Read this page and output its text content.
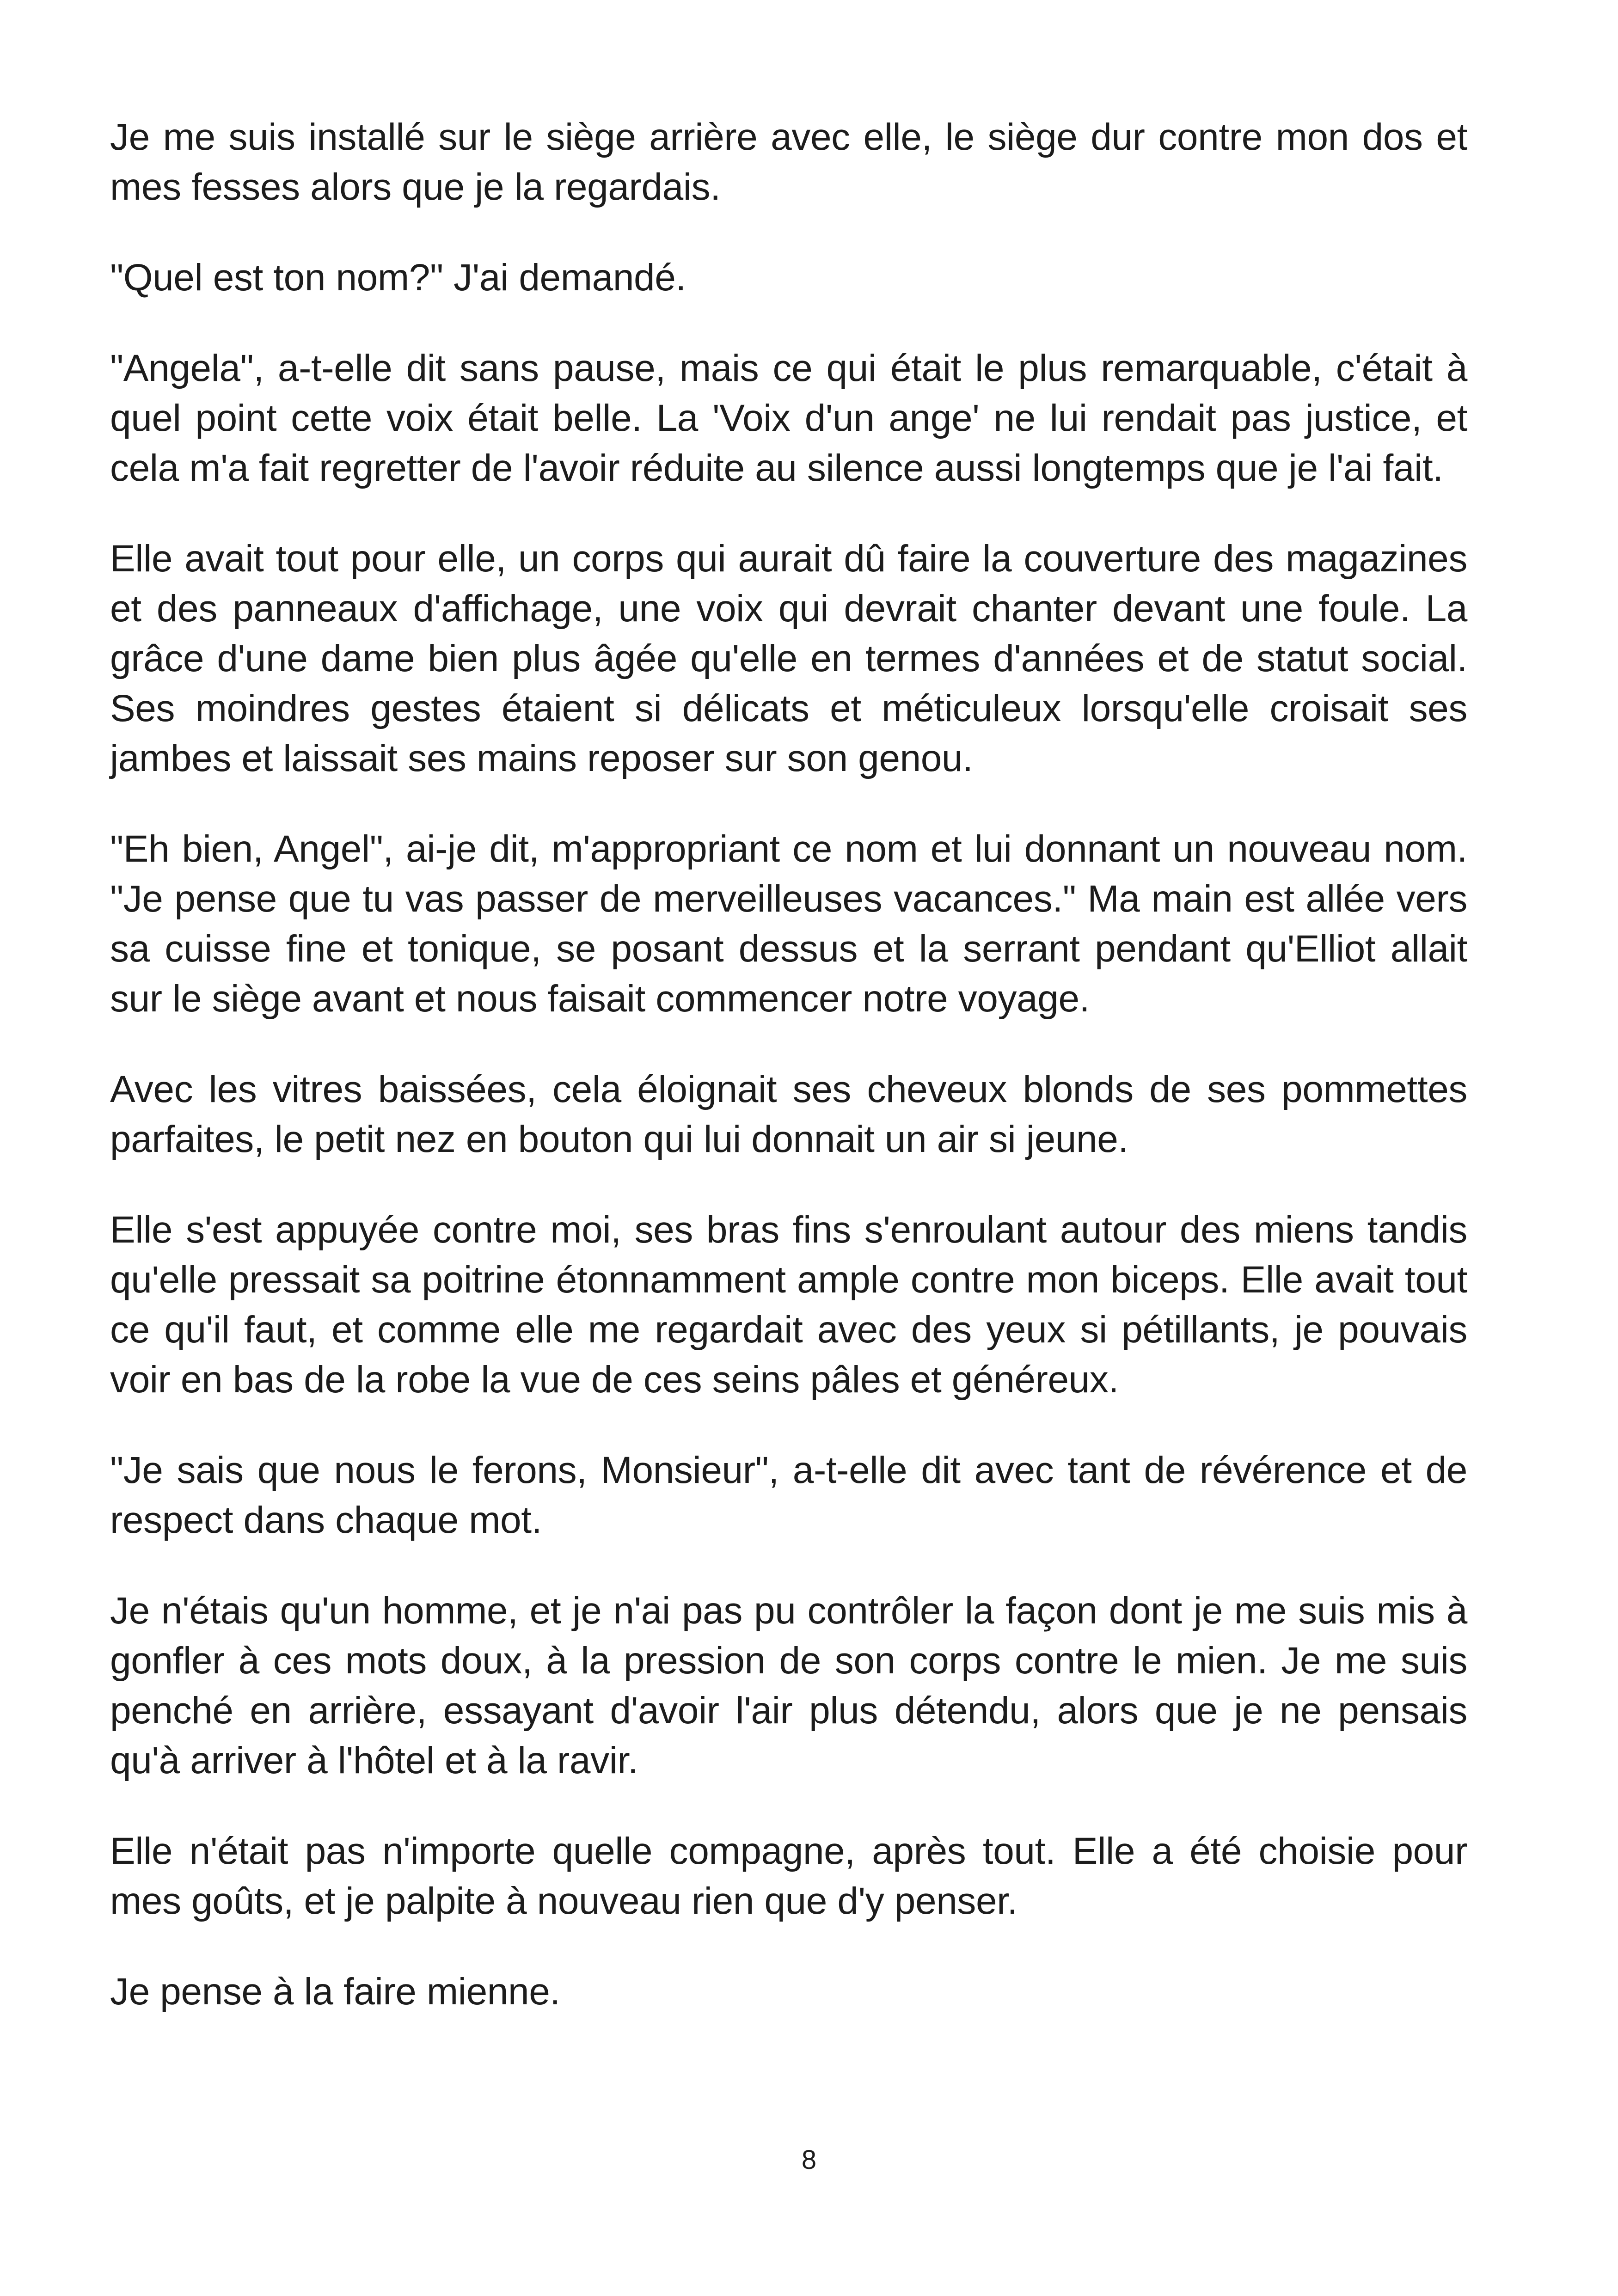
Je me suis installé sur le siège arrière avec elle, le siège dur contre mon dos et mes fesses alors que je la regardais.

"Quel est ton nom?" J'ai demandé.

"Angela", a-t-elle dit sans pause, mais ce qui était le plus remarquable, c'était à quel point cette voix était belle. La 'Voix d'un ange' ne lui rendait pas justice, et cela m'a fait regretter de l'avoir réduite au silence aussi longtemps que je l'ai fait.

Elle avait tout pour elle, un corps qui aurait dû faire la couverture des magazines et des panneaux d'affichage, une voix qui devrait chanter devant une foule. La grâce d'une dame bien plus âgée qu'elle en termes d'années et de statut social. Ses moindres gestes étaient si délicats et méticuleux lorsqu'elle croisait ses jambes et laissait ses mains reposer sur son genou.

"Eh bien, Angel", ai-je dit, m'appropriant ce nom et lui donnant un nouveau nom. "Je pense que tu vas passer de merveilleuses vacances." Ma main est allée vers sa cuisse fine et tonique, se posant dessus et la serrant pendant qu'Elliot allait sur le siège avant et nous faisait commencer notre voyage.

Avec les vitres baissées, cela éloignait ses cheveux blonds de ses pommettes parfaites, le petit nez en bouton qui lui donnait un air si jeune.

Elle s'est appuyée contre moi, ses bras fins s'enroulant autour des miens tandis qu'elle pressait sa poitrine étonnamment ample contre mon biceps. Elle avait tout ce qu'il faut, et comme elle me regardait avec des yeux si pétillants, je pouvais voir en bas de la robe la vue de ces seins pâles et généreux.

"Je sais que nous le ferons, Monsieur", a-t-elle dit avec tant de révérence et de respect dans chaque mot.

Je n'étais qu'un homme, et je n'ai pas pu contrôler la façon dont je me suis mis à gonfler à ces mots doux, à la pression de son corps contre le mien. Je me suis penché en arrière, essayant d'avoir l'air plus détendu, alors que je ne pensais qu'à arriver à l'hôtel et à la ravir.

Elle n'était pas n'importe quelle compagne, après tout. Elle a été choisie pour mes goûts, et je palpite à nouveau rien que d'y penser.

Je pense à la faire mienne.

8
